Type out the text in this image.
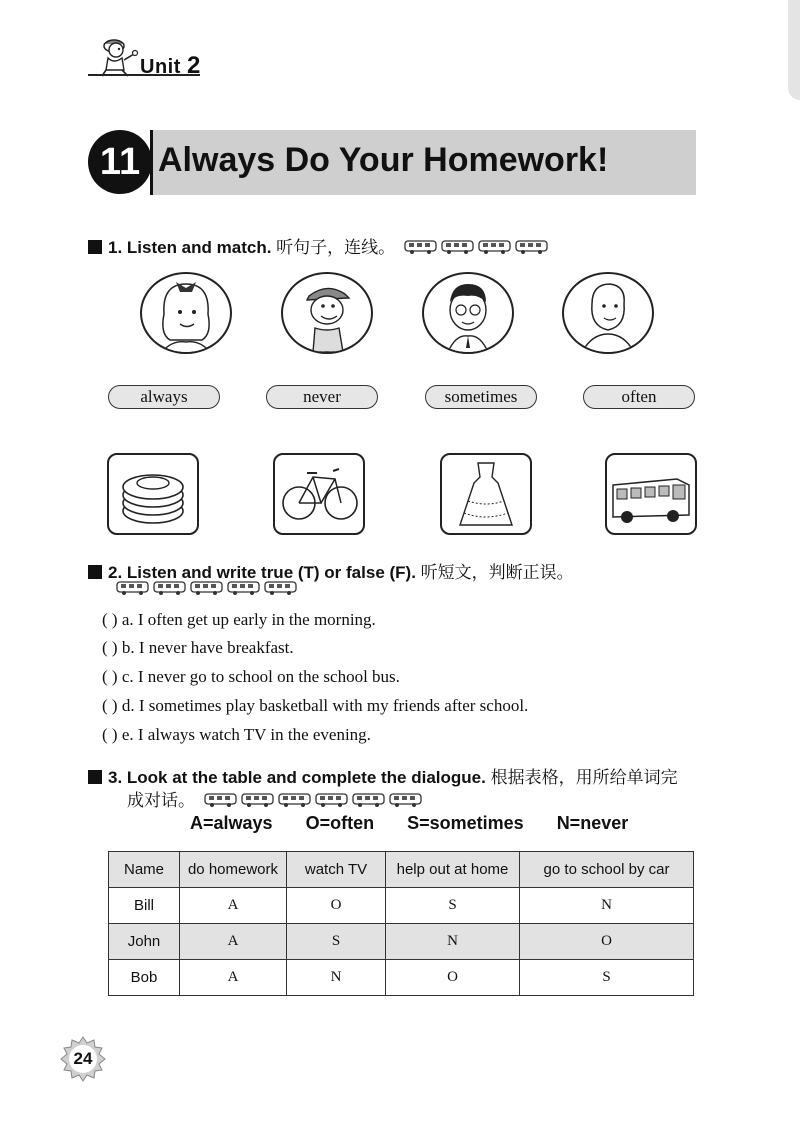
Unit 2
11 Always Do Your Homework!
1. Listen and match. 听句子，连线。
always	never	sometimes	often
2. Listen and write true (T) or false (F). 听短文，判断正误。
( ) a. I often get up early in the morning.
( ) b. I never have breakfast.
( ) c. I never go to school on the school bus.
( ) d. I sometimes play basketball with my friends after school.
( ) e. I always watch TV in the evening.
3. Look at the table and complete the dialogue. 根据表格，用所给单词完
成对话。
A=always O=often S=sometimes N=never
Name	do homework	watch TV	help out at home	go to school by car
Bill	A	O	S	N
John	A	S	N	O
Bob	A	N	O	S
24
